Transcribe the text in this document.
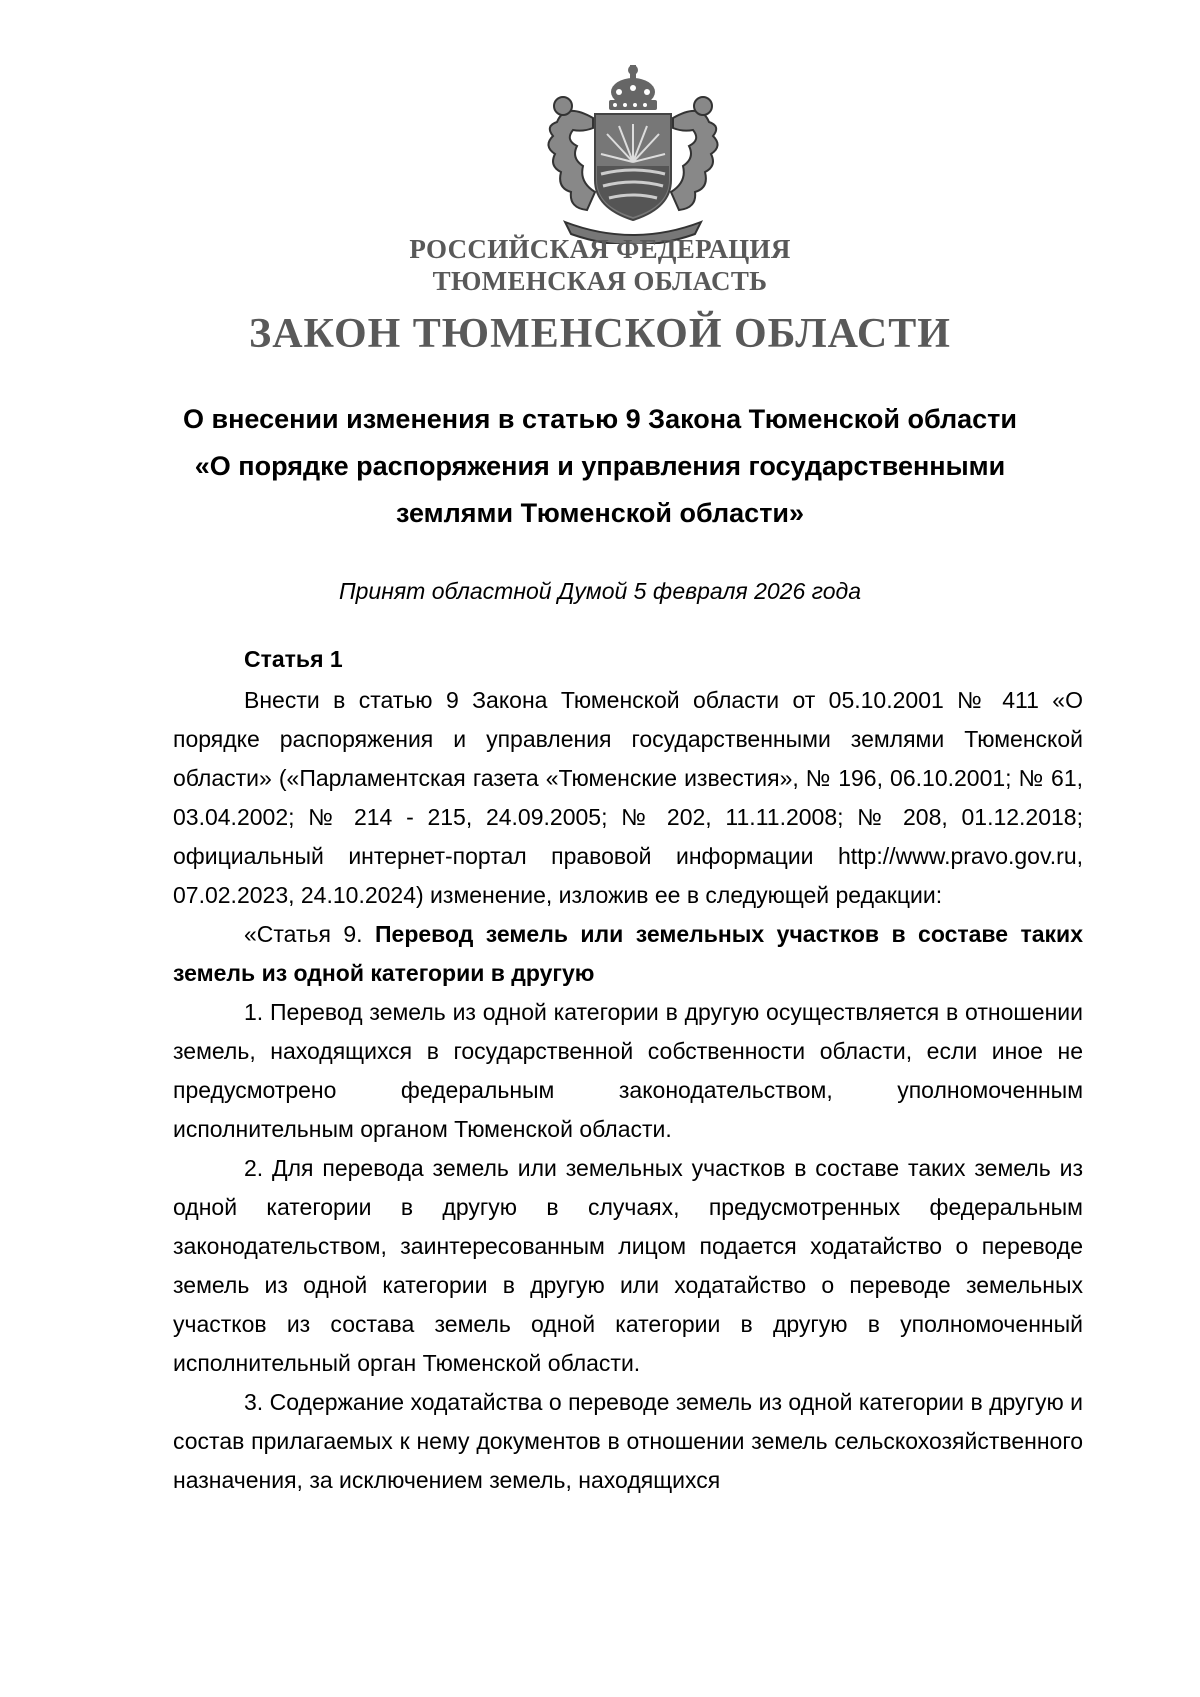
РОССИЙСКАЯ ФЕДЕРАЦИЯ
ТЮМЕНСКАЯ ОБЛАСТЬ
ЗАКОН ТЮМЕНСКОЙ ОБЛАСТИ
О внесении изменения в статью 9 Закона Тюменской области
«О порядке распоряжения и управления государственными
землями Тюменской области»
Принят областной Думой 5 февраля 2026 года
Статья 1

Внести в статью 9 Закона Тюменской области от 05.10.2001 № 411 «О порядке распоряжения и управления государственными землями Тюменской области» («Парламентская газета «Тюменские известия», № 196, 06.10.2001; № 61, 03.04.2002; № 214 - 215, 24.09.2005; № 202, 11.11.2008; № 208, 01.12.2018; официальный интернет-портал правовой информации http://www.pravo.gov.ru, 07.02.2023, 24.10.2024) изменение, изложив ее в следующей редакции:

«Статья 9. Перевод земель или земельных участков в составе таких земель из одной категории в другую

1. Перевод земель из одной категории в другую осуществляется в отношении земель, находящихся в государственной собственности области, если иное не предусмотрено федеральным законодательством, уполномоченным исполнительным органом Тюменской области.

2. Для перевода земель или земельных участков в составе таких земель из одной категории в другую в случаях, предусмотренных федеральным законодательством, заинтересованным лицом подается ходатайство о переводе земель из одной категории в другую или ходатайство о переводе земельных участков из состава земель одной категории в другую в уполномоченный исполнительный орган Тюменской области.

3. Содержание ходатайства о переводе земель из одной категории в другую и состав прилагаемых к нему документов в отношении земель сельскохозяйственного назначения, за исключением земель, находящихся
